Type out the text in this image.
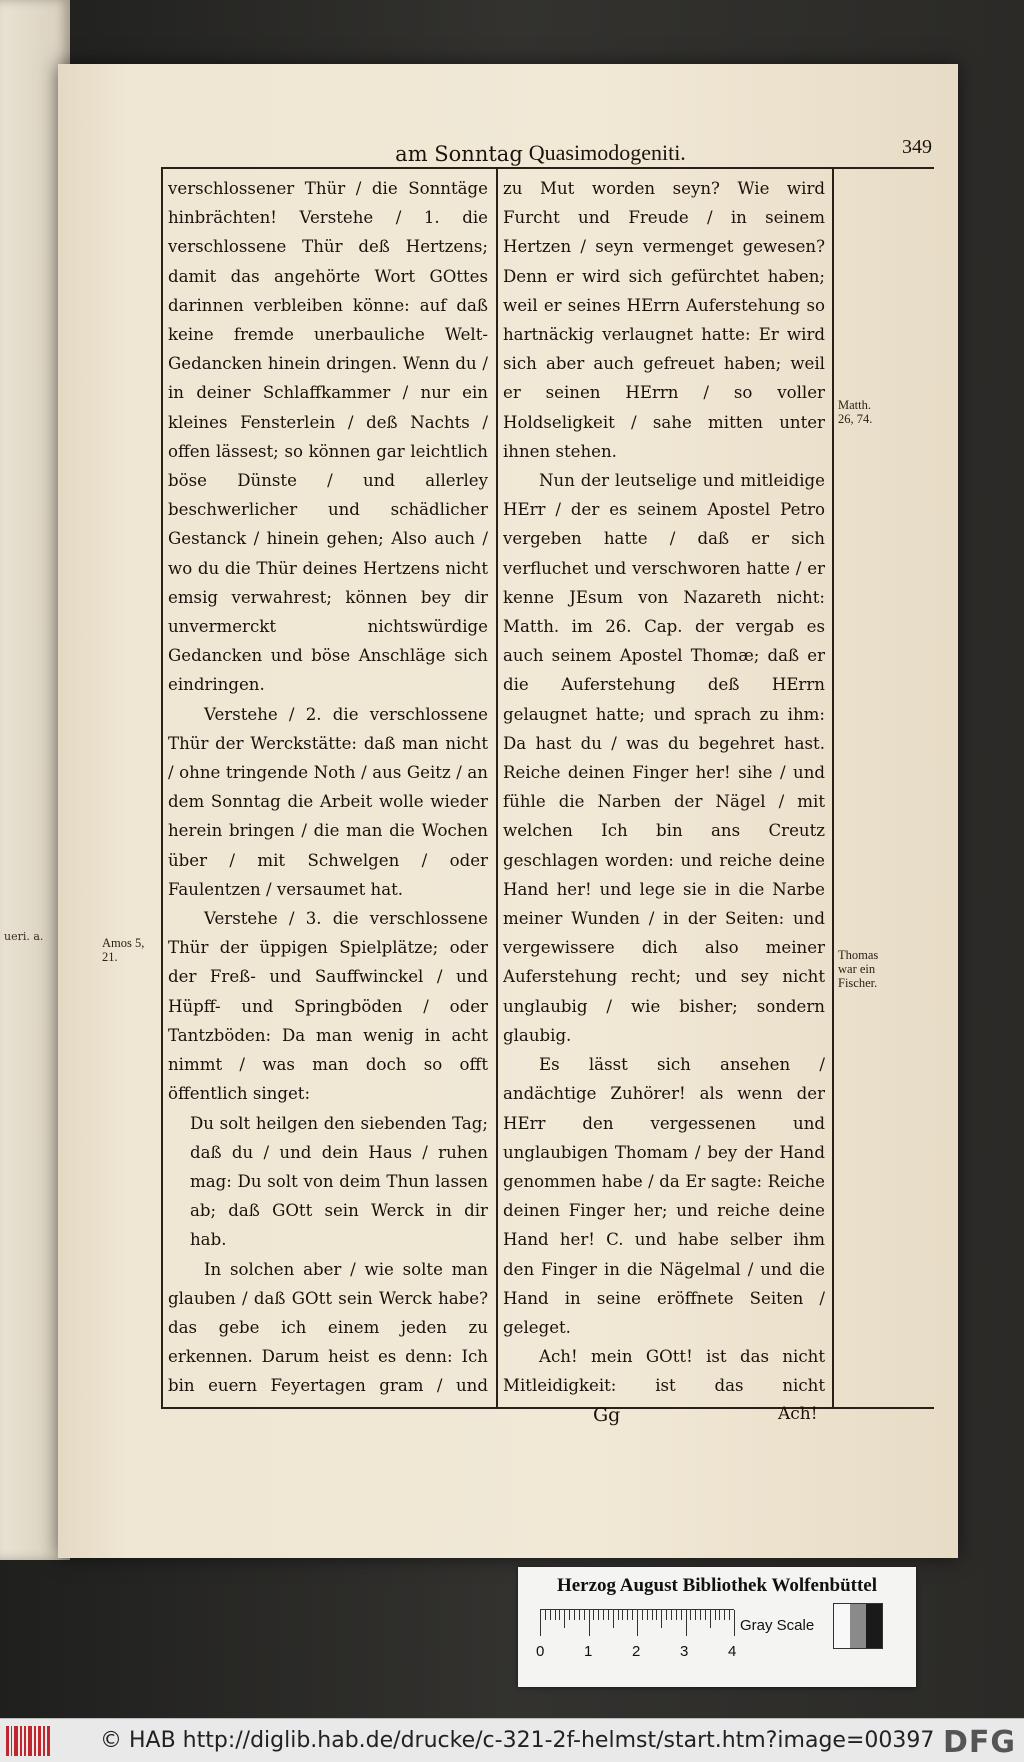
ueri. a.
am Sonntag Quasimodogeniti.	349

verschlossener Thür / die Sonntäge hinbrächten! Verstehe / 1. die verschlossene Thür deß Hertzens; damit das angehörte Wort GOttes darinnen verbleiben könne: auf daß keine fremde unerbauliche Welt-Gedancken hinein dringen. Wenn du / in deiner Schlaffkammer / nur ein kleines Fensterlein / deß Nachts / offen lässest; so können gar leichtlich böse Dünste / und allerley beschwerlicher und schädlicher Gestanck / hinein gehen; Also auch / wo du die Thür deines Hertzens nicht emsig verwahrest; können bey dir unvermerckt nichtswürdige Gedancken und böse Anschläge sich eindringen.

Verstehe / 2. die verschlossene Thür der Werckstätte: daß man nicht / ohne tringende Noth / aus Geitz / an dem Sonntag die Arbeit wolle wieder herein bringen / die man die Wochen über / mit Schwelgen / oder Faulentzen / versaumet hat.

Verstehe / 3. die verschlossene Thür der üppigen Spielplätze; oder der Freß- und Sauffwinckel / und Hüpff- und Springböden / oder Tantzböden: Da man wenig in acht nimmt / was man doch so offt öffentlich singet:

Du solt heilgen den siebenden Tag; daß du / und dein Haus / ruhen mag: Du solt von deim Thun lassen ab; daß GOtt sein Werck in dir hab.

In solchen aber / wie solte man glauben / daß GOtt sein Werck habe? das gebe ich einem jeden zu erkennen. Darum heist es denn: Ich bin euern Feyertagen gram / und

zu Mut worden seyn? Wie wird Furcht und Freude / in seinem Hertzen / seyn vermenget gewesen? Denn er wird sich gefürchtet haben; weil er seines HErrn Auferstehung so hartnäckig verlaugnet hatte: Er wird sich aber auch gefreuet haben; weil er seinen HErrn / so voller Holdseligkeit / sahe mitten unter ihnen stehen.

Nun der leutselige und mitleidige HErr / der es seinem Apostel Petro vergeben hatte / daß er sich verfluchet und verschworen hatte / er kenne JEsum von Nazareth nicht: Matth. im 26. Cap. der vergab es auch seinem Apostel Thomæ; daß er die Auferstehung deß HErrn gelaugnet hatte; und sprach zu ihm: Da hast du / was du begehret hast. Reiche deinen Finger her! sihe / und fühle die Narben der Nägel / mit welchen Ich bin ans Creutz geschlagen worden: und reiche deine Hand her! und lege sie in die Narbe meiner Wunden / in der Seiten: und vergewissere dich also meiner Auferstehung recht; und sey nicht unglaubig / wie bisher; sondern glaubig.

Es lässt sich ansehen / andächtige Zuhörer! als wenn der HErr den vergessenen und unglaubigen Thomam / bey der Hand genommen habe / da Er sagte: Reiche deinen Finger her; und reiche deine Hand her! C. und habe selber ihm den Finger in die Nägelmal / und die Hand in seine eröffnete Seiten / geleget.

Ach! mein GOtt! ist das nicht Mitleidigkeit: ist das nicht

Amos 5, 21.
Matth. 26, 74.
Thomas war ein Fischer.
Gg	Ach!
Herzog August Bibliothek Wolfenbüttel
0	1	2	3	4
Gray Scale
© HAB http://diglib.hab.de/drucke/c-321-2f-helmst/start.htm?image=00397 DFG
